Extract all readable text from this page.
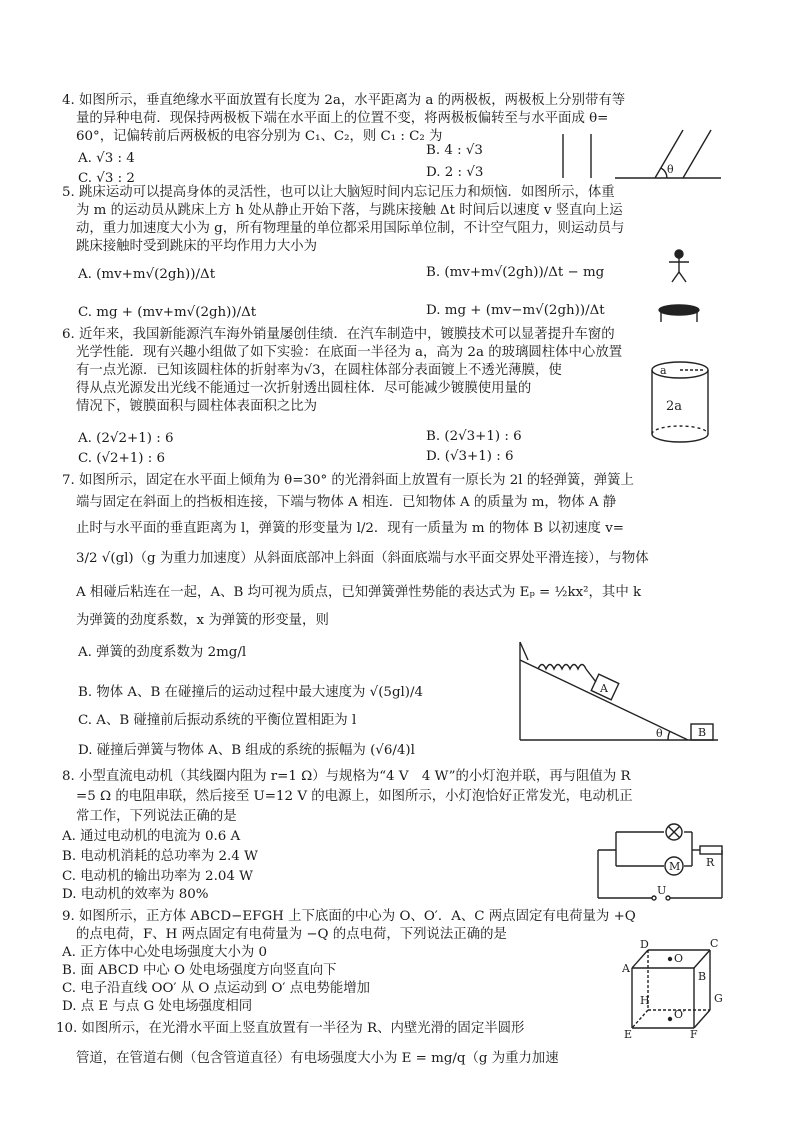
4. 如图所示，垂直绝缘水平面放置有长度为 2a，水平距离为 a 的两极板，两极板上分别带有等
量的异种电荷．现保持两极板下端在水平面上的位置不变，将两极板偏转至与水平面成 θ=
60°，记偏转前后两极板的电容分别为 C₁、C₂，则 C₁ : C₂ 为
A. √3 : 4
B. 4 : √3
C. √3 : 2	D. 2 : √3	θ
5. 跳床运动可以提高身体的灵活性，也可以让大脑短时间内忘记压力和烦恼．如图所示，体重
为 m 的运动员从跳床上方 h 处从静止开始下落，与跳床接触 Δt 时间后以速度 v 竖直向上运
动，重力加速度大小为 g，所有物理量的单位都采用国际单位制，不计空气阻力，则运动员与
跳床接触时受到跳床的平均作用力大小为
A. (mv+m√(2gh))/Δt	B. (mv+m√(2gh))/Δt − mg
C. mg + (mv+m√(2gh))/Δt	D. mg + (mv−m√(2gh))/Δt
6. 近年来，我国新能源汽车海外销量屡创佳绩．在汽车制造中，镀膜技术可以显著提升车窗的
光学性能．现有兴趣小组做了如下实验：在底面一半径为 a，高为 2a 的玻璃圆柱体中心放置
有一点光源．已知该圆柱体的折射率为√3，在圆柱体部分表面镀上不透光薄膜，使
得从点光源发出光线不能通过一次折射透出圆柱体．尽可能减少镀膜使用量的
情况下，镀膜面积与圆柱体表面积之比为
A. (2√2+1) : 6	B. (2√3+1) : 6
C. (√2+1) : 6	D. (√3+1) : 6
a
2a
7. 如图所示，固定在水平面上倾角为 θ=30° 的光滑斜面上放置有一原长为 2l 的轻弹簧，弹簧上
端与固定在斜面上的挡板相连接，下端与物体 A 相连．已知物体 A 的质量为 m，物体 A 静
止时与水平面的垂直距离为 l，弹簧的形变量为 l/2．现有一质量为 m 的物体 B 以初速度 v=
3/2 √(gl)（g 为重力加速度）从斜面底部冲上斜面（斜面底端与水平面交界处平滑连接），与物体
A 相碰后粘连在一起，A、B 均可视为质点，已知弹簧弹性势能的表达式为 Eₚ = ½kx²，其中 k
为弹簧的劲度系数，x 为弹簧的形变量，则
A. 弹簧的劲度系数为 2mg/l
B. 物体 A、B 在碰撞后的运动过程中最大速度为 √(5gl)/4
C. A、B 碰撞前后振动系统的平衡位置相距为 l
D. 碰撞后弹簧与物体 A、B 组成的系统的振幅为 (√6/4)l
A
B
θ
8. 小型直流电动机（其线圈内阻为 r=1 Ω）与规格为“4 V　4 W”的小灯泡并联，再与阻值为 R
=5 Ω 的电阻串联，然后接至 U=12 V 的电源上，如图所示，小灯泡恰好正常发光，电动机正
常工作，下列说法正确的是
A. 通过电动机的电流为 0.6 A
B. 电动机消耗的总功率为 2.4 W
C. 电动机的输出功率为 2.04 W
D. 电动机的效率为 80%
M R
U
9. 如图所示，正方体 ABCD−EFGH 上下底面的中心为 O、O′．A、C 两点固定有电荷量为 +Q
的点电荷，F、H 两点固定有电荷量为 −Q 的点电荷，下列说法正确的是
A. 正方体中心处电场强度大小为 0
B. 面 ABCD 中心 O 处电场强度方向竖直向下
C. 电子沿直线 OO′ 从 O 点运动到 O′ 点电势能增加
D. 点 E 与点 G 处电场强度相同
D	C
A
B
O
H	G
O′
E	F
10. 如图所示，在光滑水平面上竖直放置有一半径为 R、内壁光滑的固定半圆形
管道，在管道右侧（包含管道直径）有电场强度大小为 E = mg/q（g 为重力加速
